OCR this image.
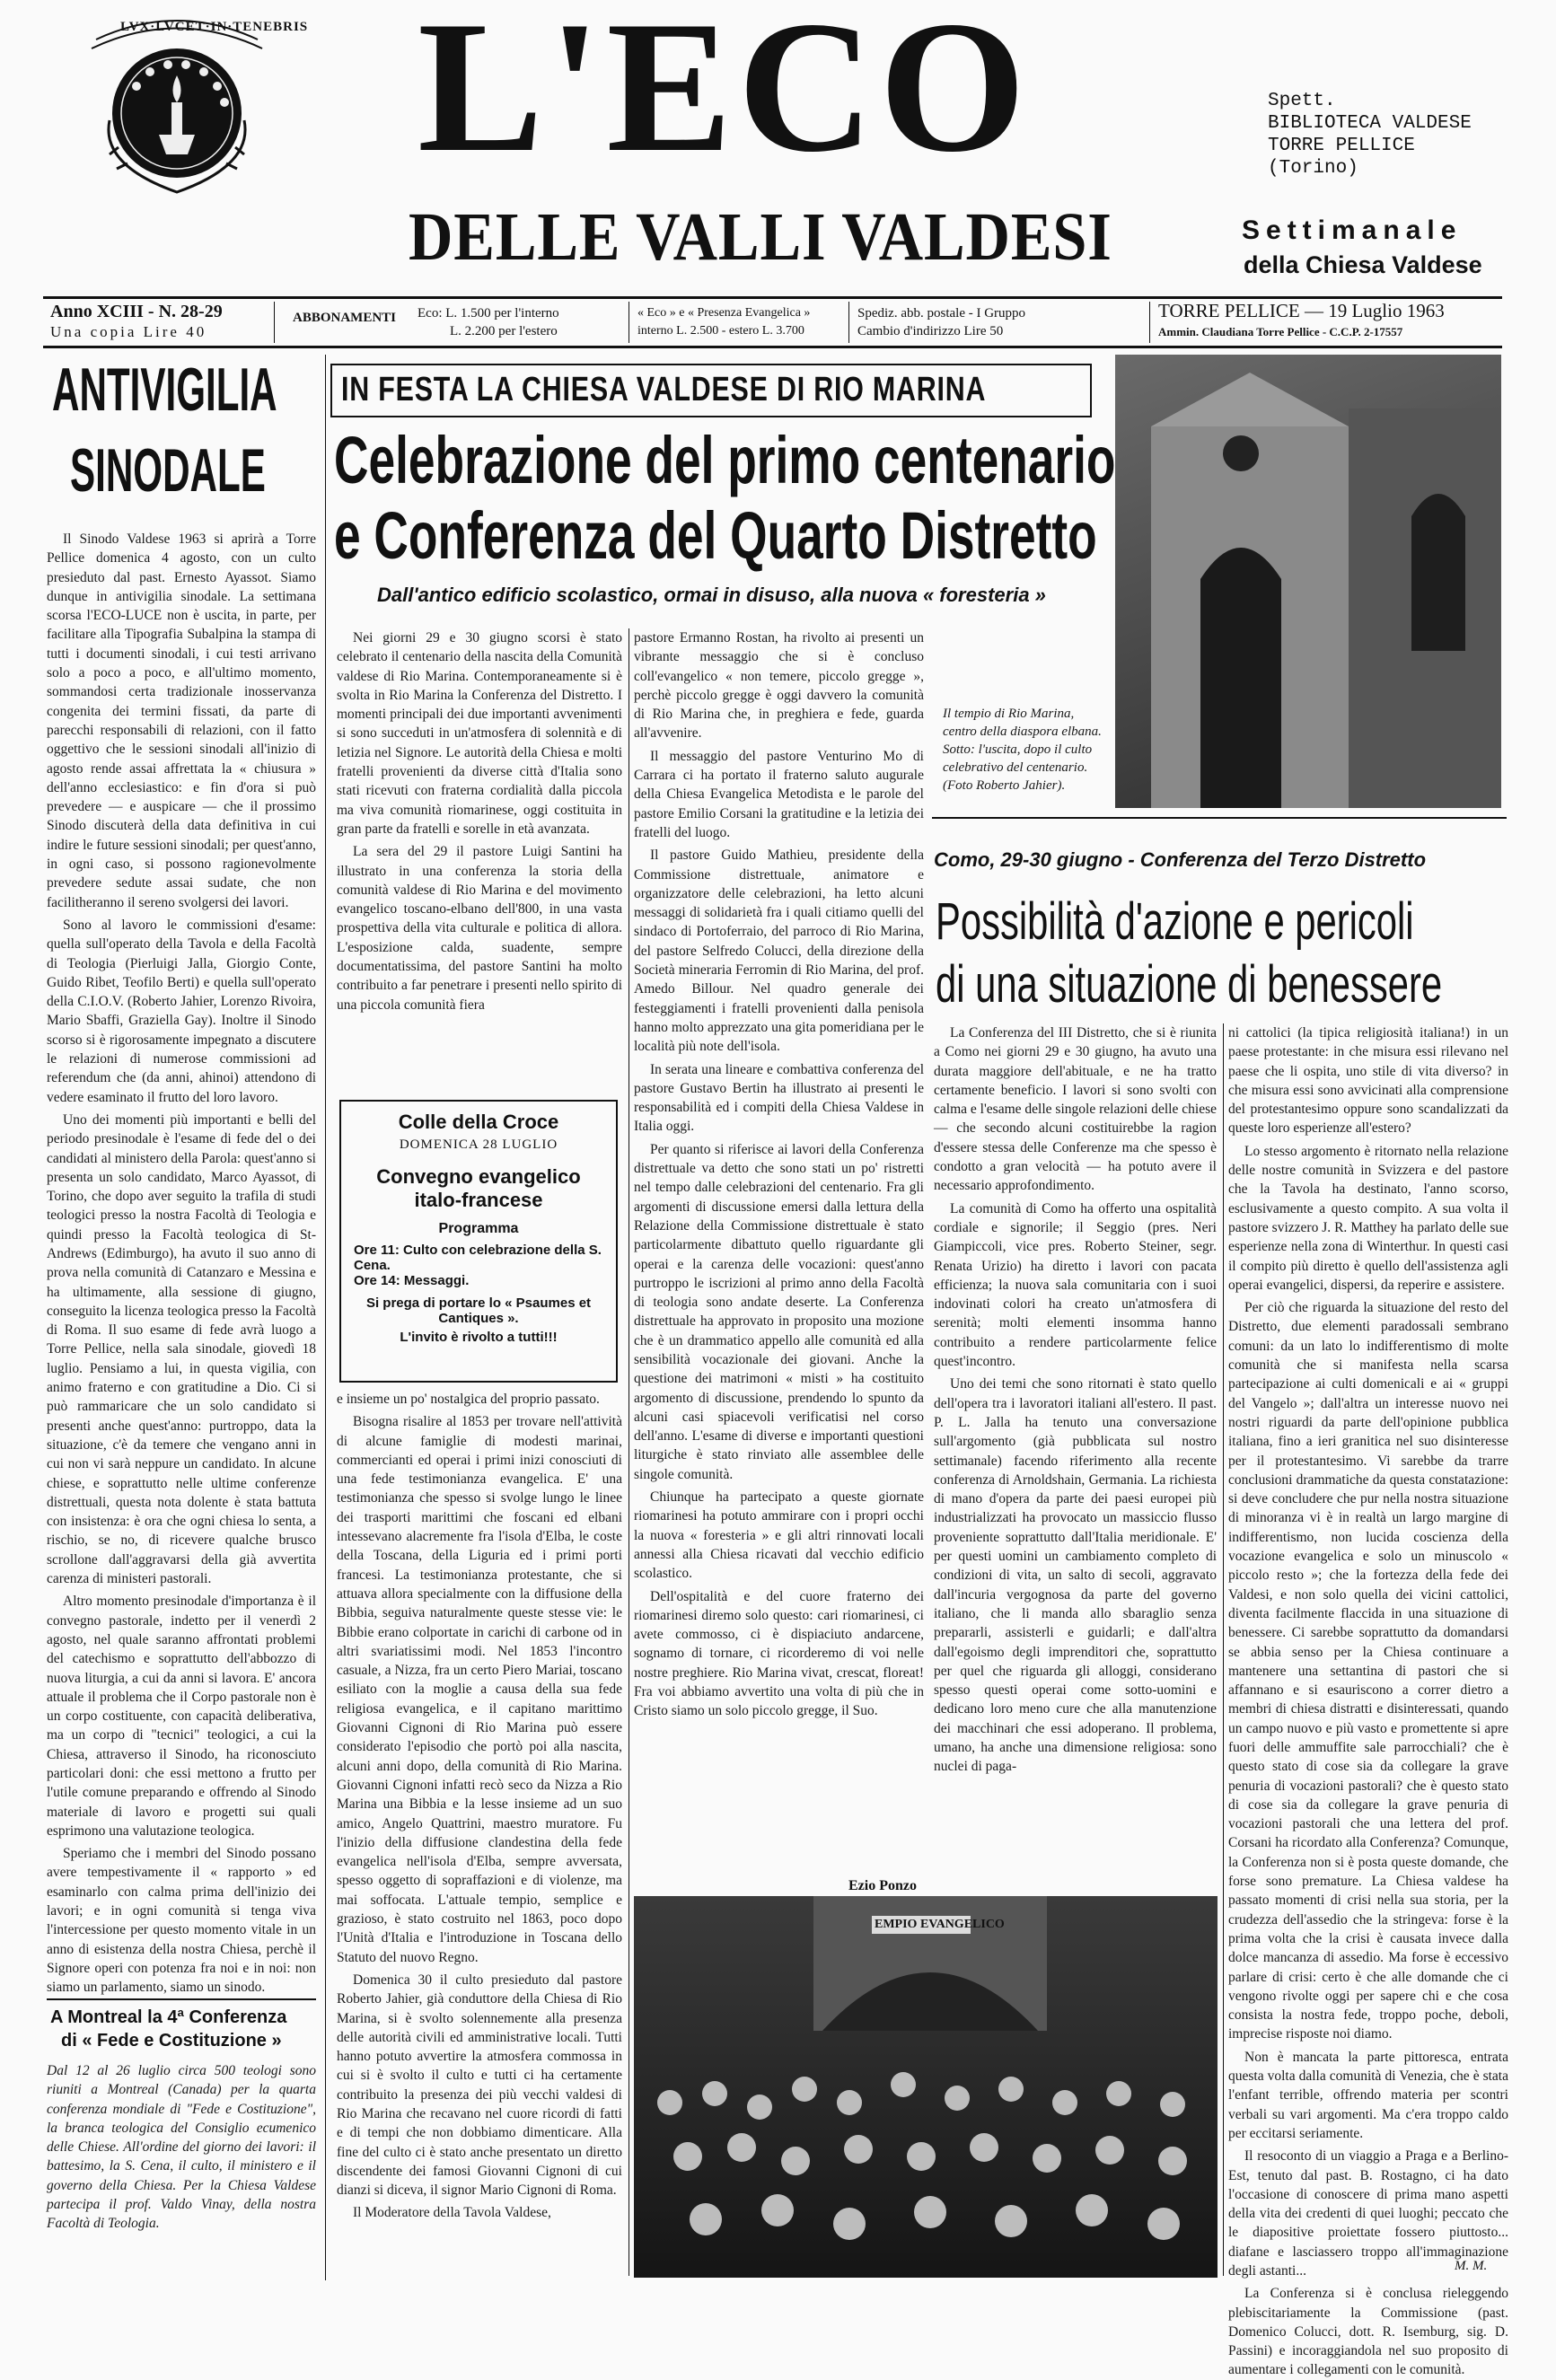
LVX·LVCET·IN·TENEBRIS L'ECO
DELLE VALLI VALDESI
Spett.
BIBLIOTECA VALDESE
TORRE PELLICE
(Torino)
Settimanale
della Chiesa Valdese
Anno XCIII - N. 28-29
Una copia Lire 40
ABBONAMENTI Eco: L. 1.500 per l'interno
L. 2.200 per l'estero
« Eco » e « Presenza Evangelica »
interno L. 2.500 - estero L. 3.700
Spediz. abb. postale - I Gruppo
Cambio d'indirizzo Lire 50
TORRE PELLICE — 19 Luglio 1963
Ammin. Claudiana Torre Pellice - C.C.P. 2-17557
ANTIVIGILIA
SINODALE

Il Sinodo Valdese 1963 si aprirà a Torre Pellice domenica 4 agosto, con un culto presieduto dal past. Ernesto Ayassot. Siamo dunque in antivigilia sinodale. La settimana scorsa l'ECO-LUCE non è uscita, in parte, per facilitare alla Tipografia Subalpina la stampa di tutti i documenti sinodali, i cui testi arrivano solo a poco a poco, e all'ultimo momento, sommandosi certa tradizionale inosservanza congenita dei termini fissati, da parte di parecchi responsabili di relazioni, con il fatto oggettivo che le sessioni sinodali all'inizio di agosto rende assai affrettata la « chiusura » dell'anno ecclesiastico: e fin d'ora si può prevedere — e auspicare — che il prossimo Sinodo discuterà della data definitiva in cui indire le future sessioni sinodali; per quest'anno, in ogni caso, si possono ragionevolmente prevedere sedute assai sudate, che non facilitheranno il sereno svolgersi dei lavori.

Sono al lavoro le commissioni d'esame: quella sull'operato della Tavola e della Facoltà di Teologia (Pierluigi Jalla, Giorgio Conte, Guido Ribet, Teofilo Berti) e quella sull'operato della C.I.O.V. (Roberto Jahier, Lorenzo Rivoira, Mario Sbaffi, Graziella Gay). Inoltre il Sinodo scorso si è rigorosamente impegnato a discutere le relazioni di numerose commissioni ad referendum che (da anni, ahinoi) attendono di vedere esaminato il frutto del loro lavoro.

Uno dei momenti più importanti e belli del periodo presinodale è l'esame di fede del o dei candidati al ministero della Parola: quest'anno si presenta un solo candidato, Marco Ayassot, di Torino, che dopo aver seguito la trafila di studi teologici presso la nostra Facoltà di Teologia e quindi presso la Facoltà teologica di St-Andrews (Edimburgo), ha avuto il suo anno di prova nella comunità di Catanzaro e Messina e ha ultimamente, alla sessione di giugno, conseguito la licenza teologica presso la Facoltà di Roma. Il suo esame di fede avrà luogo a Torre Pellice, nella sala sinodale, giovedì 18 luglio. Pensiamo a lui, in questa vigilia, con animo fraterno e con gratitudine a Dio. Ci si può rammaricare che un solo candidato si presenti anche quest'anno: purtroppo, data la situazione, c'è da temere che vengano anni in cui non vi sarà neppure un candidato. In alcune chiese, e soprattutto nelle ultime conferenze distrettuali, questa nota dolente è stata battuta con insistenza: è ora che ogni chiesa lo senta, a rischio, se no, di ricevere qualche brusco scrollone dall'aggravarsi della già avvertita carenza di ministeri pastorali.

Altro momento presinodale d'importanza è il convegno pastorale, indetto per il venerdì 2 agosto, nel quale saranno affrontati problemi del catechismo e soprattutto dell'abbozzo di nuova liturgia, a cui da anni si lavora. E' ancora attuale il problema che il Corpo pastorale non è un corpo costituente, con capacità deliberativa, ma un corpo di "tecnici" teologici, a cui la Chiesa, attraverso il Sinodo, ha riconosciuto particolari doni: che essi mettono a frutto per l'utile comune preparando e offrendo al Sinodo materiale di lavoro e progetti sui quali esprimono una valutazione teologica.

Speriamo che i membri del Sinodo possano avere tempestivamente il « rapporto » ed esaminarlo con calma prima dell'inizio dei lavori; e in ogni comunità si tenga viva l'intercessione per questo momento vitale in un anno di esistenza della nostra Chiesa, perchè il Signore operi con potenza fra noi e in noi: non siamo un parlamento, siamo un sinodo.

A Montreal la 4ª Conferenza
di « Fede e Costituzione »
Dal 12 al 26 luglio circa 500 teologi sono riuniti a Montreal (Canada) per la quarta conferenza mondiale di "Fede e Costituzione", la branca teologica del Consiglio ecumenico delle Chiese. All'ordine del giorno dei lavori: il battesimo, la S. Cena, il culto, il ministero e il governo della Chiesa. Per la Chiesa Valdese partecipa il prof. Valdo Vinay, della nostra Facoltà di Teologia.
IN FESTA LA CHIESA VALDESE DI RIO MARINA
Celebrazione del primo centenario
e Conferenza del Quarto Distretto
Dall'antico edificio scolastico, ormai in disuso, alla nuova « foresteria »

Nei giorni 29 e 30 giugno scorsi è stato celebrato il centenario della nascita della Comunità valdese di Rio Marina. Contemporaneamente si è svolta in Rio Marina la Conferenza del Distretto. I momenti principali dei due importanti avvenimenti si sono succeduti in un'atmosfera di solennità e di letizia nel Signore. Le autorità della Chiesa e molti fratelli provenienti da diverse città d'Italia sono stati ricevuti con fraterna cordialità dalla piccola ma viva comunità riomarinese, oggi costituita in gran parte da fratelli e sorelle in età avanzata.

La sera del 29 il pastore Luigi Santini ha illustrato in una conferenza la storia della comunità valdese di Rio Marina e del movimento evangelico toscano-elbano dell'800, in una vasta prospettiva della vita culturale e politica di allora. L'esposizione calda, suadente, sempre documentatissima, del pastore Santini ha molto contribuito a far penetrare i presenti nello spirito di una piccola comunità fiera

Colle della Croce
DOMENICA 28 LUGLIO
Convegno evangelico
italo-francese
Programma
Ore 11: Culto con celebrazione della S. Cena.
Ore 14: Messaggi.
Si prega di portare lo « Psaumes et Cantiques ».
L'invito è rivolto a tutti!!!

e insieme un po' nostalgica del proprio passato.

Bisogna risalire al 1853 per trovare nell'attività di alcune famiglie di modesti marinai, commercianti ed operai i primi inizi conosciuti di una fede testimonianza evangelica. E' una testimonianza che spesso si svolge lungo le linee dei trasporti marittimi che foscani ed elbani intessevano alacremente fra l'isola d'Elba, le coste della Toscana, della Liguria ed i primi porti francesi. La testimonianza protestante, che si attuava allora specialmente con la diffusione della Bibbia, seguiva naturalmente queste stesse vie: le Bibbie erano colportate in carichi di carbone od in altri svariatissimi modi. Nel 1853 l'incontro casuale, a Nizza, fra un certo Piero Mariai, toscano esiliato con la moglie a causa della sua fede religiosa evangelica, e il capitano marittimo Giovanni Cignoni di Rio Marina può essere considerato l'episodio che portò poi alla nascita, alcuni anni dopo, della comunità di Rio Marina. Giovanni Cignoni infatti recò seco da Nizza a Rio Marina una Bibbia e la lesse insieme ad un suo amico, Angelo Quattrini, maestro muratore. Fu l'inizio della diffusione clandestina della fede evangelica nell'isola d'Elba, sempre avversata, spesso oggetto di sopraffazioni e di violenze, ma mai soffocata. L'attuale tempio, semplice e grazioso, è stato costruito nel 1863, poco dopo l'Unità d'Italia e l'introduzione in Toscana dello Statuto del nuovo Regno.

Domenica 30 il culto presieduto dal pastore Roberto Jahier, già conduttore della Chiesa di Rio Marina, si è svolto solennemente alla presenza delle autorità civili ed amministrative locali. Tutti hanno potuto avvertire la atmosfera commossa in cui si è svolto il culto e tutti ci ha certamente contribuito la presenza dei più vecchi valdesi di Rio Marina che recavano nel cuore ricordi di fatti e di tempi che non dobbiamo dimenticare. Alla fine del culto ci è stato anche presentato un diretto discendente dei famosi Giovanni Cignoni di cui dianzi si diceva, il signor Mario Cignoni di Roma.

Il Moderatore della Tavola Valdese,

pastore Ermanno Rostan, ha rivolto ai presenti un vibrante messaggio che si è concluso coll'evangelico « non temere, piccolo gregge », perchè piccolo gregge è oggi davvero la comunità di Rio Marina che, in preghiera e fede, guarda all'avvenire.

Il messaggio del pastore Venturino Mo di Carrara ci ha portato il fraterno saluto augurale della Chiesa Evangelica Metodista e le parole del pastore Emilio Corsani la gratitudine e la letizia dei fratelli del luogo.

Il pastore Guido Mathieu, presidente della Commissione distrettuale, animatore e organizzatore delle celebrazioni, ha letto alcuni messaggi di solidarietà fra i quali citiamo quelli del sindaco di Portoferraio, del parroco di Rio Marina, del pastore Selfredo Colucci, della direzione della Società mineraria Ferromin di Rio Marina, del prof. Amedo Billour. Nel quadro generale dei festeggiamenti i fratelli provenienti dalla penisola hanno molto apprezzato una gita pomeridiana per le località più note dell'isola.

In serata una lineare e combattiva conferenza del pastore Gustavo Bertin ha illustrato ai presenti le responsabilità ed i compiti della Chiesa Valdese in Italia oggi.

Per quanto si riferisce ai lavori della Conferenza distrettuale va detto che sono stati un po' ristretti nel tempo dalle celebrazioni del centenario. Fra gli argomenti di discussione emersi dalla lettura della Relazione della Commissione distrettuale è stato particolarmente dibattuto quello riguardante gli operai e la carenza delle vocazioni: quest'anno purtroppo le iscrizioni al primo anno della Facoltà di teologia sono andate deserte. La Conferenza distrettuale ha approvato in proposito una mozione che è un drammatico appello alle comunità ed alla sensibilità vocazionale dei giovani. Anche la questione dei matrimoni « misti » ha costituito argomento di discussione, prendendo lo spunto da alcuni casi spiacevoli verificatisi nel corso dell'anno. L'esame di diverse e importanti questioni liturgiche è stato rinviato alle assemblee delle singole comunità.

Chiunque ha partecipato a queste giornate riomarinesi ha potuto ammirare con i propri occhi la nuova « foresteria » e gli altri rinnovati locali annessi alla Chiesa ricavati dal vecchio edificio scolastico.

Dell'ospitalità e del cuore fraterno dei riomarinesi diremo solo questo: cari riomarinesi, ci avete commosso, ci è dispiaciuto andarcene, sognamo di tornare, ci ricorderemo di voi nelle nostre preghiere. Rio Marina vivat, crescat, floreat! Fra voi abbiamo avvertito una volta di più che in Cristo siamo un solo piccolo gregge, il Suo.

Ezio Ponzo
EMPIO EVANGELICO
Il tempio di Rio Marina, centro della diaspora elbana. Sotto: l'uscita, dopo il culto celebrativo del centenario. (Foto Roberto Jahier).
Como, 29-30 giugno - Conferenza del Terzo Distretto
Possibilità d'azione e pericoli
di una situazione di benessere

La Conferenza del III Distretto, che si è riunita a Como nei giorni 29 e 30 giugno, ha avuto una durata maggiore dell'abituale, e ne ha tratto certamente beneficio. I lavori si sono svolti con calma e l'esame delle singole relazioni delle chiese — che secondo alcuni costituirebbe la ragion d'essere stessa delle Conferenze ma che spesso è condotto a gran velocità — ha potuto avere il necessario approfondimento.

La comunità di Como ha offerto una ospitalità cordiale e signorile; il Seggio (pres. Neri Giampiccoli, vice pres. Roberto Steiner, segr. Renata Urizio) ha diretto i lavori con pacata efficienza; la nuova sala comunitaria con i suoi indovinati colori ha creato un'atmosfera di serenità; molti elementi insomma hanno contribuito a rendere particolarmente felice quest'incontro.

Uno dei temi che sono ritornati è stato quello dell'opera tra i lavoratori italiani all'estero. Il past. P. L. Jalla ha tenuto una conversazione sull'argomento (già pubblicata sul nostro settimanale) facendo riferimento alla recente conferenza di Arnoldshain, Germania. La richiesta di mano d'opera da parte dei paesi europei più industrializzati ha provocato un massiccio flusso proveniente soprattutto dall'Italia meridionale. E' per questi uomini un cambiamento completo di condizioni di vita, un salto di secoli, aggravato dall'incuria vergognosa da parte del governo italiano, che li manda allo sbaraglio senza prepararli, assisterli e guidarli; e dall'altra dall'egoismo degli imprenditori che, soprattutto per quel che riguarda gli alloggi, considerano spesso questi operai come sotto-uomini e dedicano loro meno cure che alla manutenzione dei macchinari che essi adoperano. Il problema, umano, ha anche una dimensione religiosa: sono nuclei di paga-

ni cattolici (la tipica religiosità italiana!) in un paese protestante: in che misura essi rilevano nel paese che li ospita, uno stile di vita diverso? in che misura essi sono avvicinati alla comprensione del protestantesimo oppure sono scandalizzati da queste loro esperienze all'estero?

Lo stesso argomento è ritornato nella relazione delle nostre comunità in Svizzera e del pastore che la Tavola ha destinato, l'anno scorso, esclusivamente a questo compito. A sua volta il pastore svizzero J. R. Matthey ha parlato delle sue esperienze nella zona di Winterthur. In questi casi il compito più diretto è quello dell'assistenza agli operai evangelici, dispersi, da reperire e assistere.

Per ciò che riguarda la situazione del resto del Distretto, due elementi paradossali sembrano comuni: da un lato lo indifferentismo di molte comunità che si manifesta nella scarsa partecipazione ai culti domenicali e ai « gruppi del Vangelo »; dall'altra un interesse nuovo nei nostri riguardi da parte dell'opinione pubblica italiana, fino a ieri granitica nel suo disinteresse per il protestantesimo. Vi sarebbe da trarre conclusioni drammatiche da questa constatazione: si deve concludere che pur nella nostra situazione di minoranza vi è in realtà un largo margine di indifferentismo, non lucida coscienza della vocazione evangelica e solo un minuscolo « piccolo resto »; che la fortezza della fede dei Valdesi, e non solo quella dei vicini cattolici, diventa facilmente flaccida in una situazione di benessere. Ci sarebbe soprattutto da domandarsi se abbia senso per la Chiesa continuare a mantenere una settantina di pastori che si affannano e si esauriscono a correr dietro a membri di chiesa distratti e disinteressati, quando un campo nuovo e più vasto e promettente si apre fuori delle ammuffite sale parrocchiali? che è questo stato di cose sia da collegare la grave penuria di vocazioni pastorali? che è questo stato di cose sia da collegare la grave penuria di vocazioni pastorali che una lettera del prof. Corsani ha ricordato alla Conferenza? Comunque, la Conferenza non si è posta queste domande, che forse sono premature. La Chiesa valdese ha passato momenti di crisi nella sua storia, per la crudezza dell'assedio che la stringeva: forse è la prima volta che la crisi è causata invece dalla dolce mancanza di assedio. Ma forse è eccessivo parlare di crisi: certo è che alle domande che ci vengono rivolte oggi per sapere chi e che cosa consista la nostra fede, troppo poche, deboli, imprecise risposte noi diamo.

Non è mancata la parte pittoresca, entrata questa volta dalla comunità di Venezia, che è stata l'enfant terrible, offrendo materia per scontri verbali su vari argomenti. Ma c'era troppo caldo per eccitarsi seriamente.

Il resoconto di un viaggio a Praga e a Berlino-Est, tenuto dal past. B. Rostagno, ci ha dato l'occasione di conoscere di prima mano aspetti della vita dei credenti di quei luoghi; peccato che le diapositive proiettate fossero piuttosto... diafane e lasciassero troppo all'immaginazione degli astanti...

La Conferenza si è conclusa rieleggendo plebiscitariamente la Commissione (past. Domenico Colucci, dott. R. Isemburg, sig. D. Passini) e incoraggiandola nel suo proposito di aumentare i collegamenti con le comunità.

M. M.
